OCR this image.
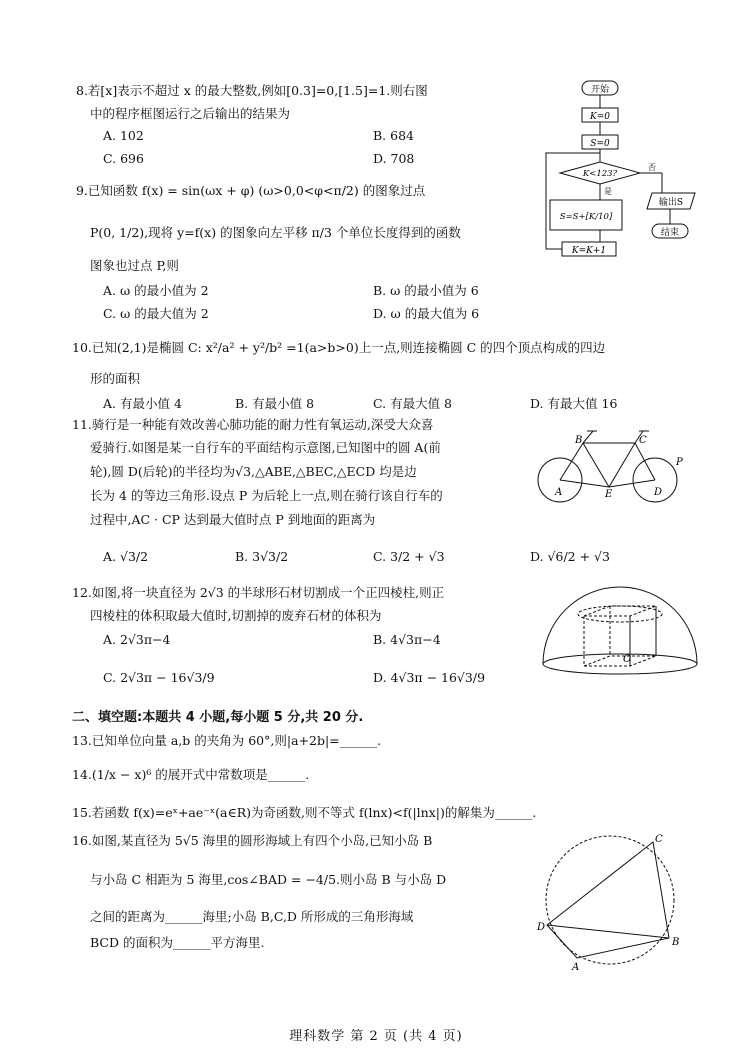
8.若[x]表示不超过 x 的最大整数,例如[0.3]=0,[1.5]=1.则右图
中的程序框图运行之后输出的结果为
A. 102	B. 684
C. 696	D. 708
开始
K=0
S=0
K<123?
否
是
输出S
结束
S=S+[K/10]
K=K+1
9.已知函数 f(x) = sin(ωx + φ) (ω>0,0<φ<π/2) 的图象过点
P(0, 1/2),现将 y=f(x) 的图象向左平移 π/3 个单位长度得到的函数
图象也过点 P,则
A. ω 的最小值为 2	B. ω 的最小值为 6
C. ω 的最大值为 2	D. ω 的最大值为 6
10.已知(2,1)是椭圆 C: x²/a² + y²/b² =1(a>b>0)上一点,则连接椭圆 C 的四个顶点构成的四边
形的面积
A. 有最小值 4	B. 有最小值 8	C. 有最大值 8	D. 有最大值 16
11.骑行是一种能有效改善心肺功能的耐力性有氧运动,深受大众喜
爱骑行.如图是某一自行车的平面结构示意图,已知图中的圆 A(前
轮),圆 D(后轮)的半径均为√3,△ABE,△BEC,△ECD 均是边
长为 4 的等边三角形.设点 P 为后轮上一点,则在骑行该自行车的
过程中,AC · CP 达到最大值时点 P 到地面的距离为
A. √3/2	B. 3√3/2	C. 3/2 + √3	D. √6/2 + √3
A
B	C
D
E
P
12.如图,将一块直径为 2√3 的半球形石材切割成一个正四棱柱,则正
四棱柱的体积取最大值时,切割掉的废弃石材的体积为
A. 2√3π−4	B. 4√3π−4
C. 2√3π − 16√3/9	D. 4√3π − 16√3/9
O
二、填空题:本题共 4 小题,每小题 5 分,共 20 分.
13.已知单位向量 a,b 的夹角为 60°,则|a+2b|=______.
14.(1/x − x)⁶ 的展开式中常数项是______.
15.若函数 f(x)=eˣ+ae⁻ˣ(a∈R)为奇函数,则不等式 f(lnx)<f(|lnx|)的解集为______.
16.如图,某直径为 5√5 海里的圆形海域上有四个小岛,已知小岛 B
与小岛 C 相距为 5 海里,cos∠BAD = −4/5.则小岛 B 与小岛 D
之间的距离为______海里;小岛 B,C,D 所形成的三角形海域
BCD 的面积为______平方海里.
C
D
B
A
理科数学 第 2 页 (共 4 页)
